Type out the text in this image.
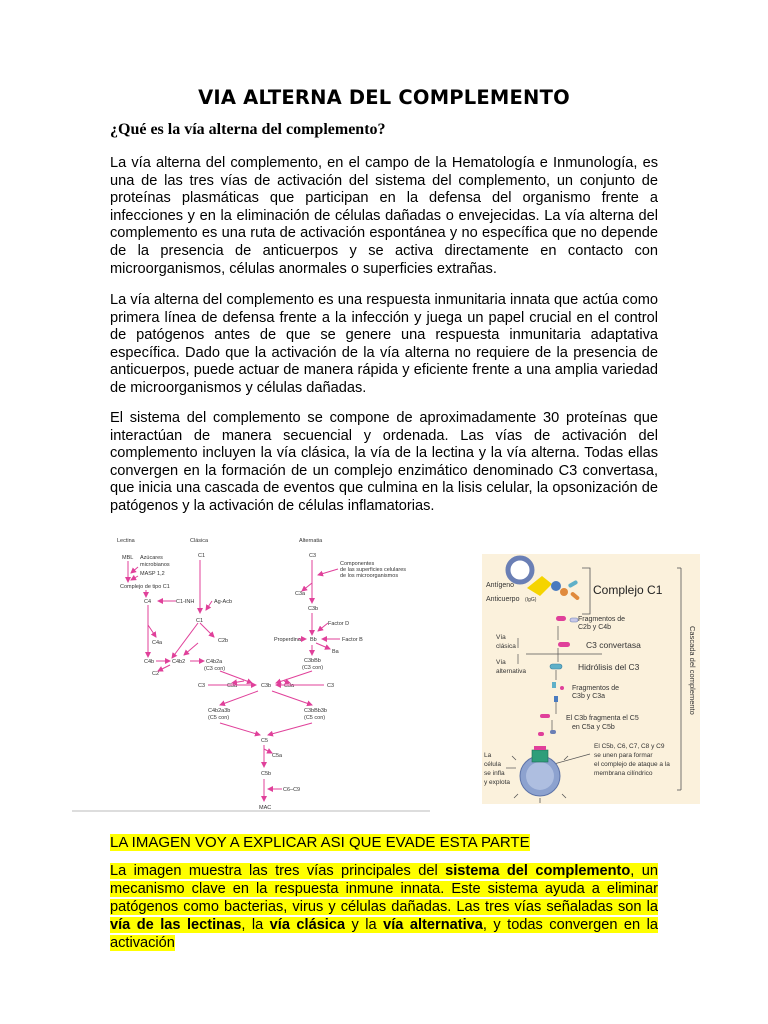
VIA ALTERNA DEL COMPLEMENTO
¿Qué es la vía alterna del complemento?
La vía alterna del complemento, en el campo de la Hematología e Inmunología, es una de las tres vías de activación del sistema del complemento, un conjunto de proteínas plasmáticas que participan en la defensa del organismo frente a infecciones y en la eliminación de células dañadas o envejecidas. La vía alterna del complemento es una ruta de activación espontánea y no específica que no depende de la presencia de anticuerpos y se activa directamente en contacto con microorganismos, células anormales o superficies extrañas.
La vía alterna del complemento es una respuesta inmunitaria innata que actúa como primera línea de defensa frente a la infección y juega un papel crucial en el control de patógenos antes de que se genere una respuesta inmunitaria adaptativa específica. Dado que la activación de la vía alterna no requiere de la presencia de anticuerpos, puede actuar de manera rápida y eficiente frente a una amplia variedad de microorganismos y células dañadas.
El sistema del complemento se compone de aproximadamente 30 proteínas que interactúan de manera secuencial y ordenada. Las vías de activación del complemento incluyen la vía clásica, la vía de la lectina y la vía alterna. Todas ellas convergen en la formación de un complejo enzimático denominado C3 convertasa, que inicia una cascada de eventos que culmina en la lisis celular, la opsonización de patógenos y la activación de células inflamatorias.
Lectina	Clásica	Alternatia
MBL Azúcares
microbianos
MASP 1,2
Complejo de tipo C1
C1
C4	C1-INH	Ag-Acb
C1
C4a	C2b
C4b	C4b2	C4b2a
(C3 con)
C2
C3
Componentes
de las superficies celulares
de los microorganismos
C3a
C3b
Factor D
Factor B
Properdina Bb
Ba
C3bBb
(C3 con)
C3a	C3a
C3	C3b	C3
C4b2a3b
(C5 con)
C3bBb3b
(C5 con)
C5
C5a
C5b
C6–C9
MAC
Antígeno
Anticuerpo (IgG)
Complejo C1
Fragmentos de
C2b y C4b
Vía
clásica	C3 convertasa
Vía
alternativa	Hidrólisis del C3
Fragmentos de
C3b y C3a
El C3b fragmenta el C5
en C5a y C5b
El C5b, C6, C7, C8 y C9
se unen para formar
el complejo de ataque a la
membrana cilíndrico
La
célula
se infla
y explota
Cascada del complemento
LA IMAGEN VOY A EXPLICAR ASI QUE EVADE ESTA PARTE
La imagen muestra las tres vías principales del sistema del complemento, un mecanismo clave en la respuesta inmune innata. Este sistema ayuda a eliminar patógenos como bacterias, virus y células dañadas. Las tres vías señaladas son la vía de las lectinas, la vía clásica y la vía alternativa, y todas convergen en la activación
